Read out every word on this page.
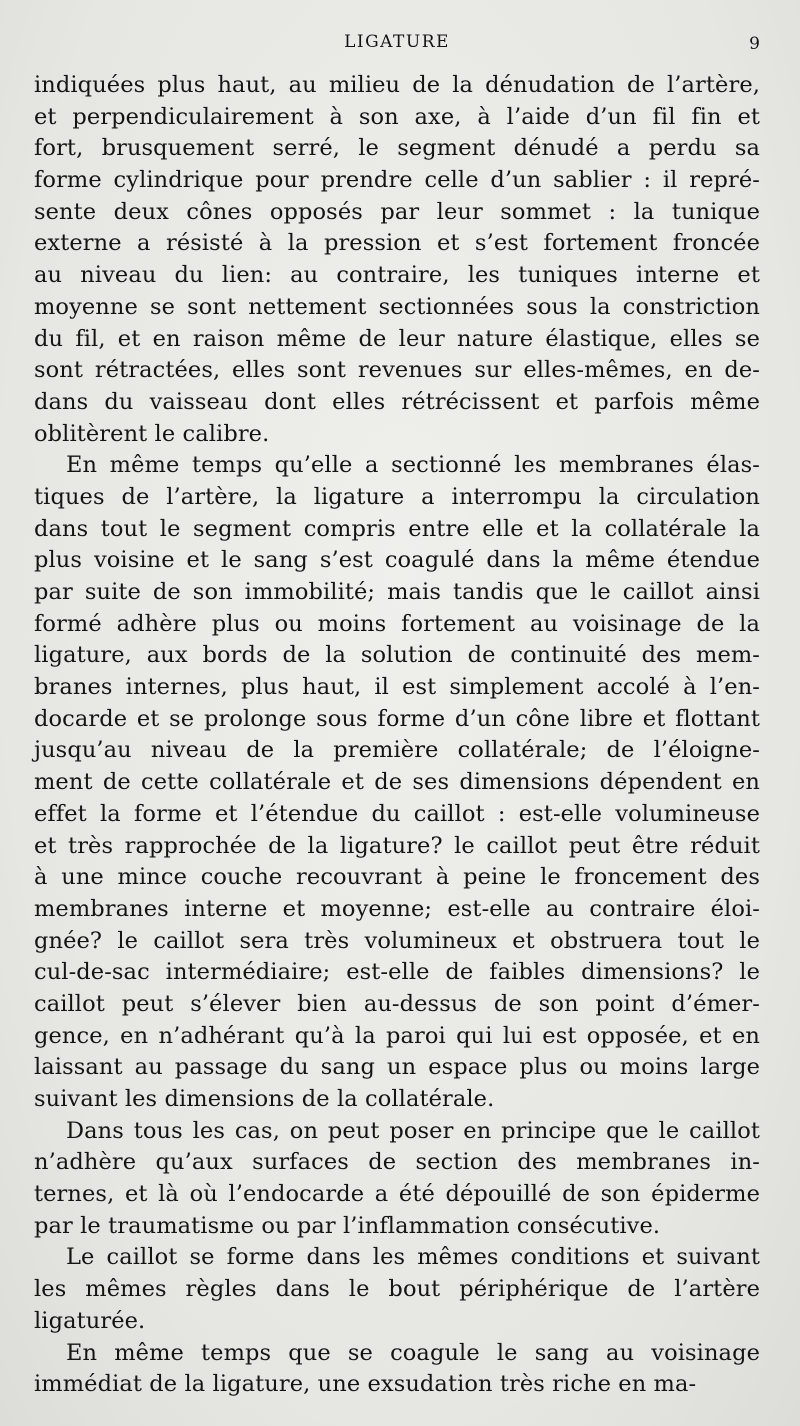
LIGATURE	9
indiquées plus haut, au milieu de la dénudation de l’artère,
et perpendiculairement à son axe, à l’aide d’un fil fin et
fort, brusquement serré, le segment dénudé a perdu sa
forme cylindrique pour prendre celle d’un sablier : il repré-
sente deux cônes opposés par leur sommet : la tunique
externe a résisté à la pression et s’est fortement froncée
au niveau du lien: au contraire, les tuniques interne et
moyenne se sont nettement sectionnées sous la constriction
du fil, et en raison même de leur nature élastique, elles se
sont rétractées, elles sont revenues sur elles-mêmes, en de-
dans du vaisseau dont elles rétrécissent et parfois même
oblitèrent le calibre.
En même temps qu’elle a sectionné les membranes élas-
tiques de l’artère, la ligature a interrompu la circulation
dans tout le segment compris entre elle et la collatérale la
plus voisine et le sang s’est coagulé dans la même étendue
par suite de son immobilité; mais tandis que le caillot ainsi
formé adhère plus ou moins fortement au voisinage de la
ligature, aux bords de la solution de continuité des mem-
branes internes, plus haut, il est simplement accolé à l’en-
docarde et se prolonge sous forme d’un cône libre et flottant
jusqu’au niveau de la première collatérale; de l’éloigne-
ment de cette collatérale et de ses dimensions dépendent en
effet la forme et l’étendue du caillot : est-elle volumineuse
et très rapprochée de la ligature? le caillot peut être réduit
à une mince couche recouvrant à peine le froncement des
membranes interne et moyenne; est-elle au contraire éloi-
gnée? le caillot sera très volumineux et obstruera tout le
cul-de-sac intermédiaire; est-elle de faibles dimensions? le
caillot peut s’élever bien au-dessus de son point d’émer-
gence, en n’adhérant qu’à la paroi qui lui est opposée, et en
laissant au passage du sang un espace plus ou moins large
suivant les dimensions de la collatérale.
Dans tous les cas, on peut poser en principe que le caillot
n’adhère qu’aux surfaces de section des membranes in-
ternes, et là où l’endocarde a été dépouillé de son épiderme
par le traumatisme ou par l’inflammation consécutive.
Le caillot se forme dans les mêmes conditions et suivant
les mêmes règles dans le bout périphérique de l’artère
ligaturée.
En même temps que se coagule le sang au voisinage
immédiat de la ligature, une exsudation très riche en ma-
